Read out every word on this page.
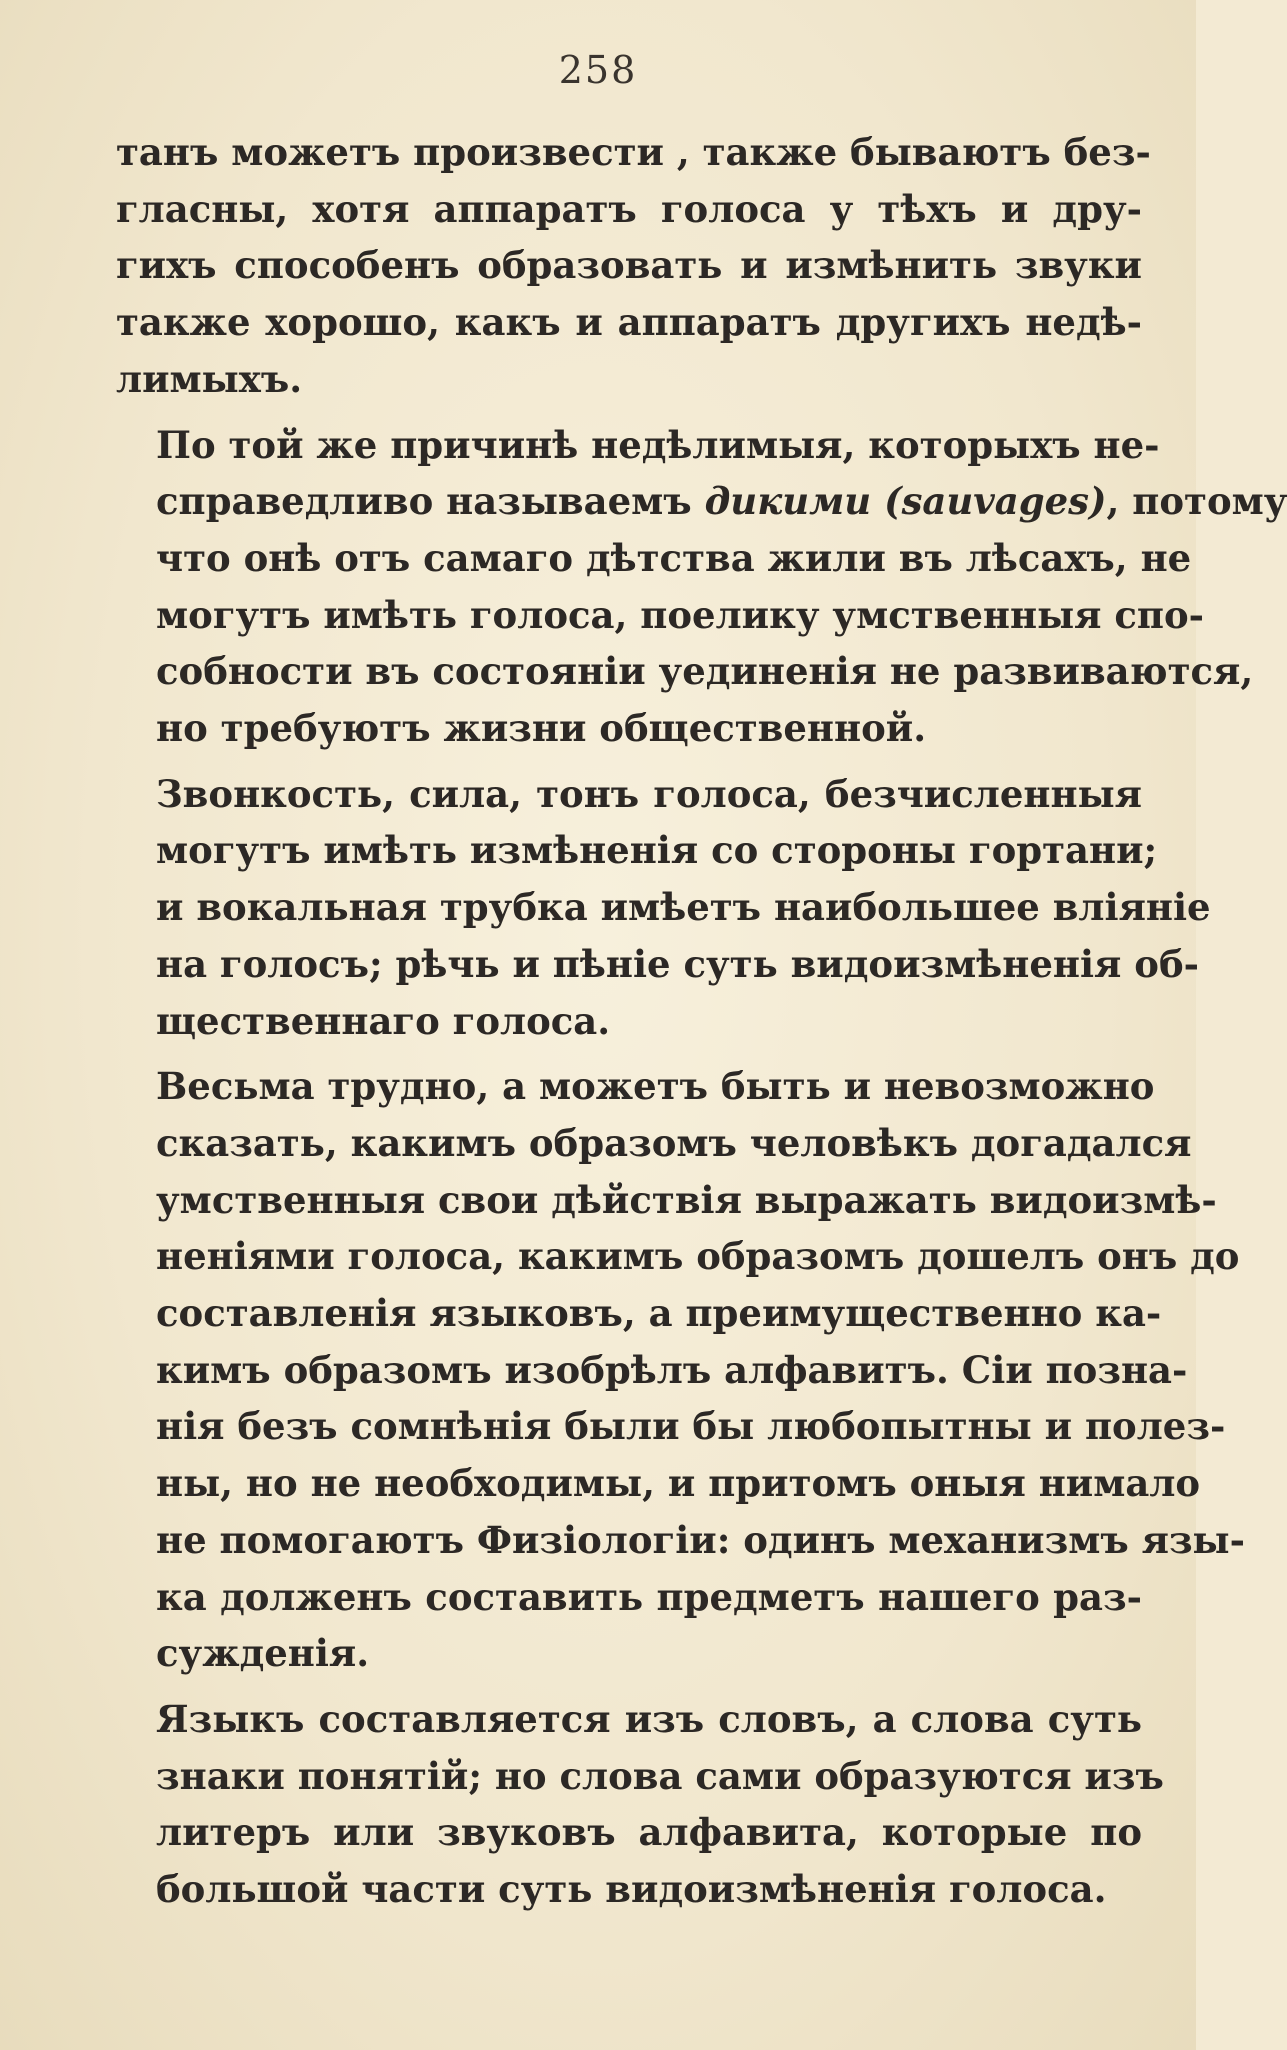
258
танъ можетъ произвести , также бываютъ без-
гласны, хотя аппаратъ голоса у тѣхъ и дру-
гихъ способенъ образовать и измѣнить звуки
также хорошо, какъ и аппаратъ другихъ недѣ-
лимыхъ.
По той же причинѣ недѣлимыя, которыхъ не-
справедливо называемъ дикими (sauvages), потому
что онѣ отъ самаго дѣтства жили въ лѣсахъ, не
могутъ имѣть голоса, поелику умственныя спо-
собности въ состояніи уединенія не развиваются,
но требуютъ жизни общественной.
Звонкость, сила, тонъ голоса, безчисленныя
могутъ имѣть измѣненія со стороны гортани;
и вокальная трубка имѣетъ наибольшее вліяніе
на голосъ; рѣчь и пѣніе суть видоизмѣненія об-
щественнаго голоса.
Весьма трудно, а можетъ быть и невозможно
сказать, какимъ образомъ человѣкъ догадался
умственныя свои дѣйствія выражать видоизмѣ-
неніями голоса, какимъ образомъ дошелъ онъ до
составленія языковъ, а преимущественно ка-
кимъ образомъ изобрѣлъ алфавитъ. Сіи позна-
нія безъ сомнѣнія были бы любопытны и полез-
ны, но не необходимы, и притомъ оныя нимало
не помогаютъ Физіологіи: одинъ механизмъ язы-
ка долженъ составить предметъ нашего раз-
сужденія.
Языкъ составляется изъ словъ, а слова суть
знаки понятій; но слова сами образуются изъ
литеръ или звуковъ алфавита, которые по
большой части суть видоизмѣненія голоса.
